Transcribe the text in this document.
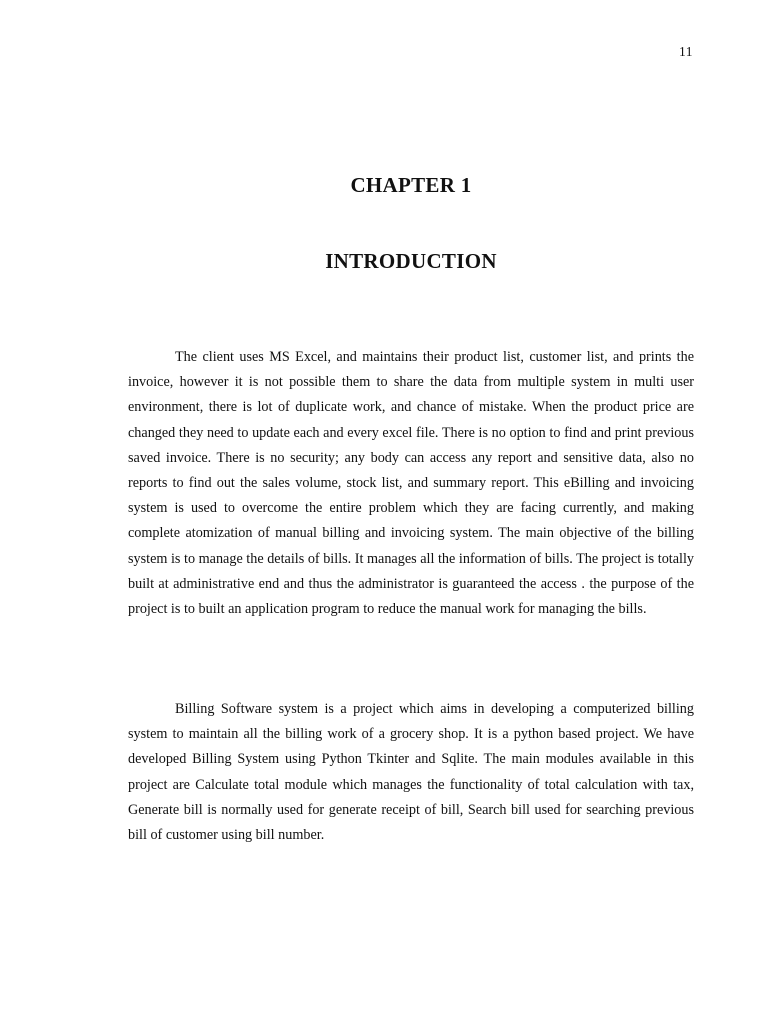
11
CHAPTER 1
INTRODUCTION

The client uses MS Excel, and maintains their product list, customer list, and prints the invoice, however it is not possible them to share the data from multiple system in multi user environment, there is lot of duplicate work, and chance of mistake. When the product price are changed they need to update each and every excel file. There is no option to find and print previous saved invoice. There is no security; any body can access any report and sensitive data, also no reports to find out the sales volume, stock list, and summary report. This eBilling and invoicing system is used to overcome the entire problem which they are facing currently, and making complete atomization of manual billing and invoicing system. The main objective of the billing system is to manage the details of bills. It manages all the information of bills. The project is totally built at administrative end and thus the administrator is guaranteed the access . the purpose of the project is to built an application program to reduce the manual work for managing the bills.

Billing Software system is a project which aims in developing a computerized billing system to maintain all the billing work of a grocery shop. It is a python based project. We have developed Billing System using Python Tkinter and Sqlite. The main modules available in this project are Calculate total module which manages the functionality of total calculation with tax, Generate bill is normally used for generate receipt of bill, Search bill used for searching previous bill of customer using bill number.
